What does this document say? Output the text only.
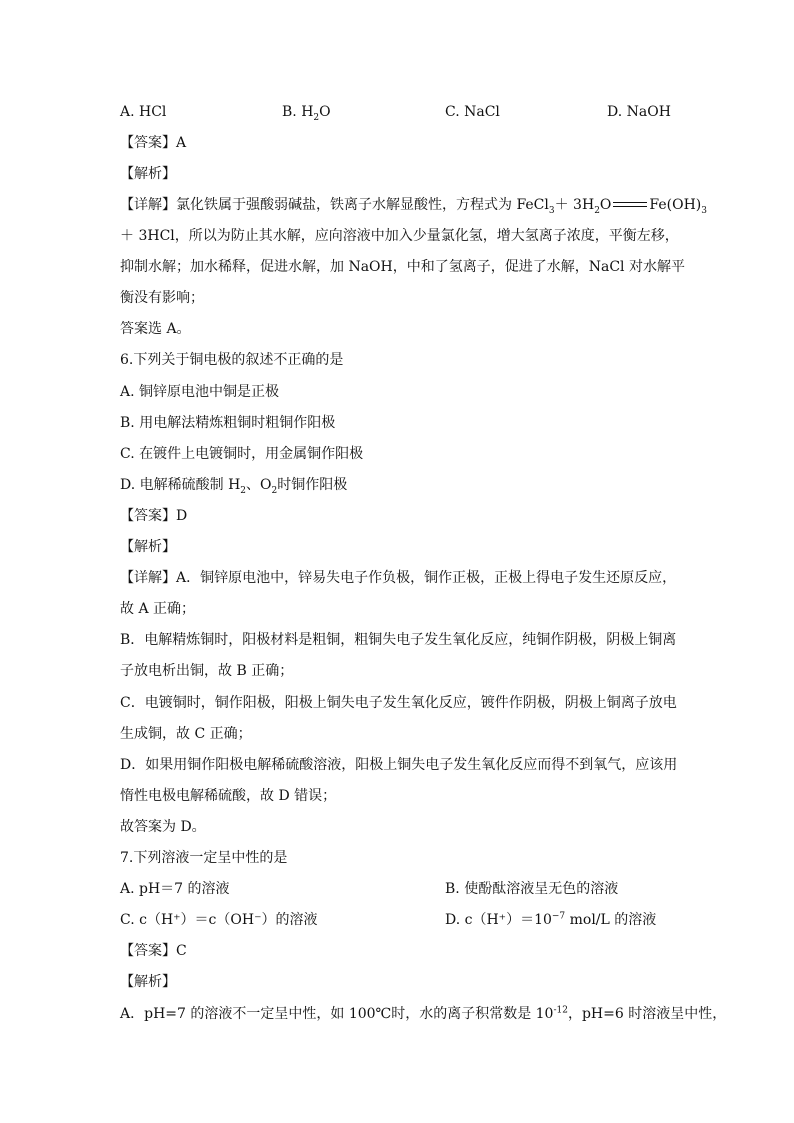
A. HCl	B. $H_2O$	C. NaCl	D. NaOH
【答案】A
【解析】
【详解】氯化铁属于强酸弱碱盐，铁离子水解显酸性，方程式为 FeCl$_3$＋ $3H_2O$	$Fe(OH)_3$
＋ 3HCl，所以为防止其水解，应向溶液中加入少量氯化氢，增大氢离子浓度，平衡左移，
抑制水解；加水稀释，促进水解，加 NaOH，中和了氢离子，促进了水解，NaCl 对水解平
衡没有影响；
答案选 A。
6.下列关于铜电极的叙述不正确的是
A. 铜锌原电池中铜是正极
B. 用电解法精炼粗铜时粗铜作阳极
C. 在镀件上电镀铜时，用金属铜作阳极
D. 电解稀硫酸制 $H_2$、$O_2$时铜作阳极
【答案】D
【解析】
【详解】A．铜锌原电池中，锌易失电子作负极，铜作正极，正极上得电子发生还原反应，
故 A 正确；
B．电解精炼铜时，阳极材料是粗铜，粗铜失电子发生氧化反应，纯铜作阴极，阴极上铜离
子放电析出铜，故 B 正确；
C．电镀铜时，铜作阳极，阳极上铜失电子发生氧化反应，镀件作阴极，阴极上铜离子放电
生成铜，故 C 正确；
D．如果用铜作阳极电解稀硫酸溶液，阳极上铜失电子发生氧化反应而得不到氧气，应该用
惰性电极电解稀硫酸，故 D 错误；
故答案为 D。
7.下列溶液一定呈中性的是
A. pH＝7 的溶液	B. 使酚酞溶液呈无色的溶液
C. c（H⁺）＝c（OH⁻）的溶液	D. $c(H^+)=10^{-7}$ mol/L 的溶液
【答案】C
【解析】
A．pH=7 的溶液不一定呈中性，如 100℃时，水的离子积常数是 $10^{-12}$，pH=6 时溶液呈中性，
